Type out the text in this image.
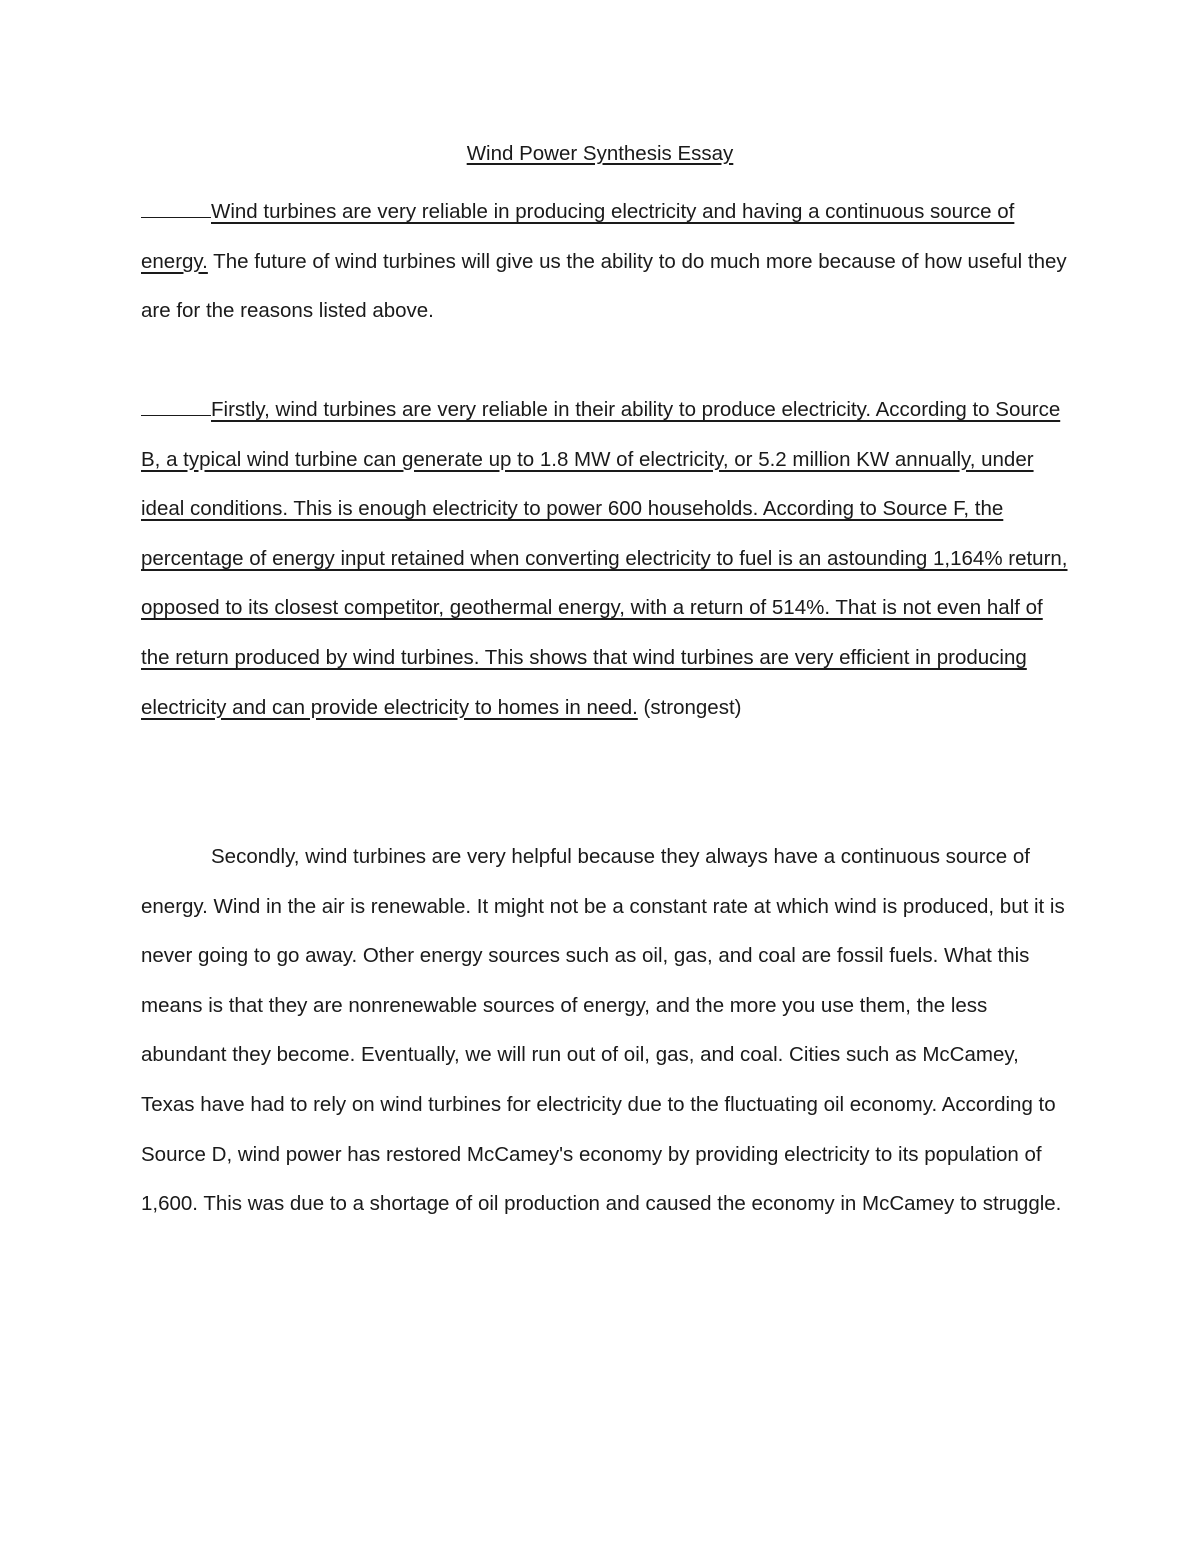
Wind Power Synthesis Essay

Wind turbines are very reliable in producing electricity and having a continuous source of energy. The future of wind turbines will give us the ability to do much more because of how useful they are for the reasons listed above.

Firstly, wind turbines are very reliable in their ability to produce electricity. According to Source B, a typical wind turbine can generate up to 1.8 MW of electricity, or 5.2 million KW annually, under ideal conditions. This is enough electricity to power 600 households. According to Source F, the percentage of energy input retained when converting electricity to fuel is an astounding 1,164% return, opposed to its closest competitor, geothermal energy, with a return of 514%. That is not even half of the return produced by wind turbines. This shows that wind turbines are very efficient in producing electricity and can provide electricity to homes in need. (strongest)

Secondly, wind turbines are very helpful because they always have a continuous source of energy. Wind in the air is renewable. It might not be a constant rate at which wind is produced, but it is never going to go away. Other energy sources such as oil, gas, and coal are fossil fuels. What this means is that they are nonrenewable sources of energy, and the more you use them, the less abundant they become. Eventually, we will run out of oil, gas, and coal. Cities such as McCamey, Texas have had to rely on wind turbines for electricity due to the fluctuating oil economy. According to Source D, wind power has restored McCamey's economy by providing electricity to its population of 1,600. This was due to a shortage of oil production and caused the economy in McCamey to struggle.
